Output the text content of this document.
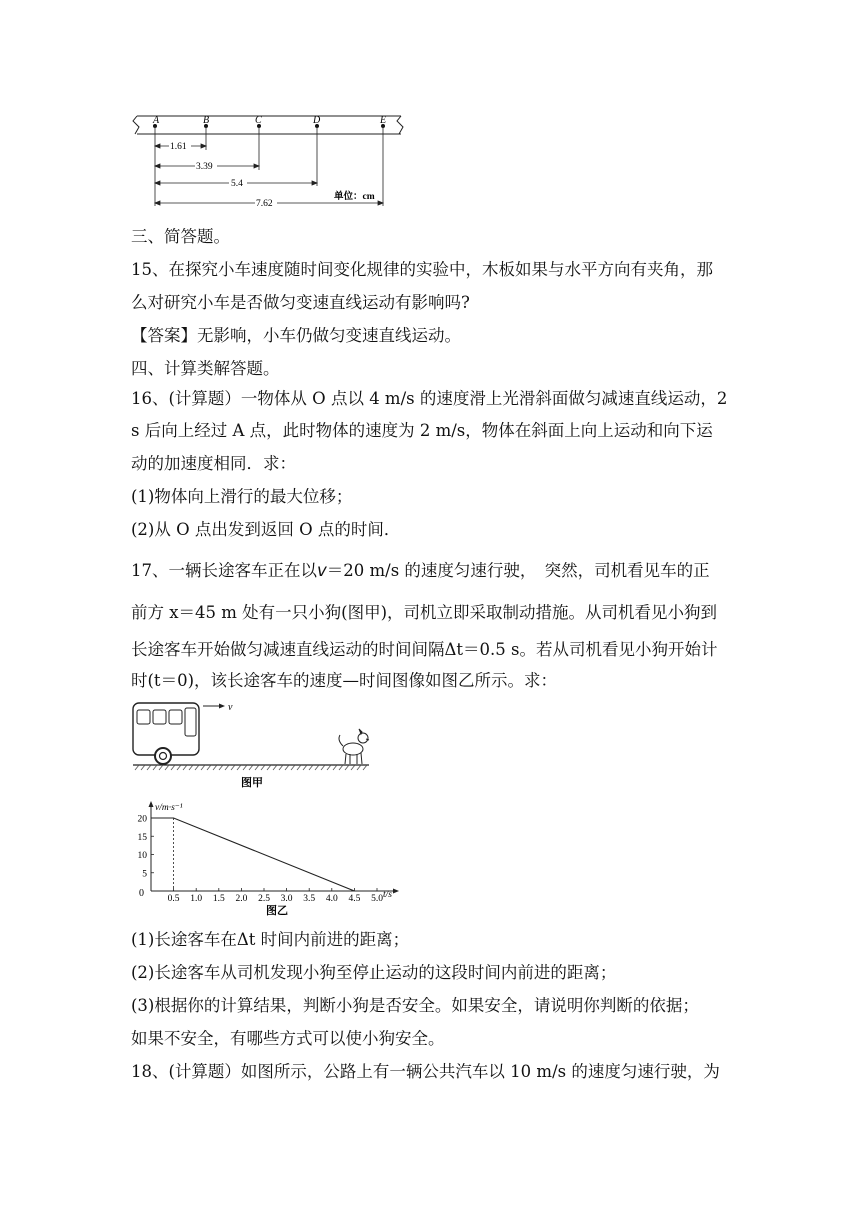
A	B	C	D	E
1.61
3.39
5.4
7.62
单位：cm
三、简答题。
15、在探究小车速度随时间变化规律的实验中，木板如果与水平方向有夹角，那
么对研究小车是否做匀变速直线运动有影响吗?
【答案】无影响，小车仍做匀变速直线运动。
四、计算类解答题。
16、(计算题）一物体从 O 点以 4 m/s 的速度滑上光滑斜面做匀减速直线运动，2
s 后向上经过 A 点，此时物体的速度为 2 m/s，物体在斜面上向上运动和向下运
动的加速度相同．求：
(1)物体向上滑行的最大位移；
(2)从 O 点出发到返回 O 点的时间．
17、一辆长途客车正在以v＝20 m/s 的速度匀速行驶，　突然，司机看见车的正
前方 x＝45 m 处有一只小狗(图甲)，司机立即采取制动措施。从司机看见小狗到
长途客车开始做匀减速直线运动的时间间隔Δt＝0.5 s。若从司机看见小狗开始计
时(t＝0)，该长途客车的速度—时间图像如图乙所示。求：
v
图甲
0.5 1.0 1.5 2.0 2.5 3.0 3.5 4.0 4.5 5.0
5
10
15
20
v/m·s⁻¹
t/s
0
图乙
(1)长途客车在Δt 时间内前进的距离；
(2)长途客车从司机发现小狗至停止运动的这段时间内前进的距离；
(3)根据你的计算结果，判断小狗是否安全。如果安全，请说明你判断的依据；
如果不安全，有哪些方式可以使小狗安全。
18、(计算题）如图所示，公路上有一辆公共汽车以 10 m/s 的速度匀速行驶，为
